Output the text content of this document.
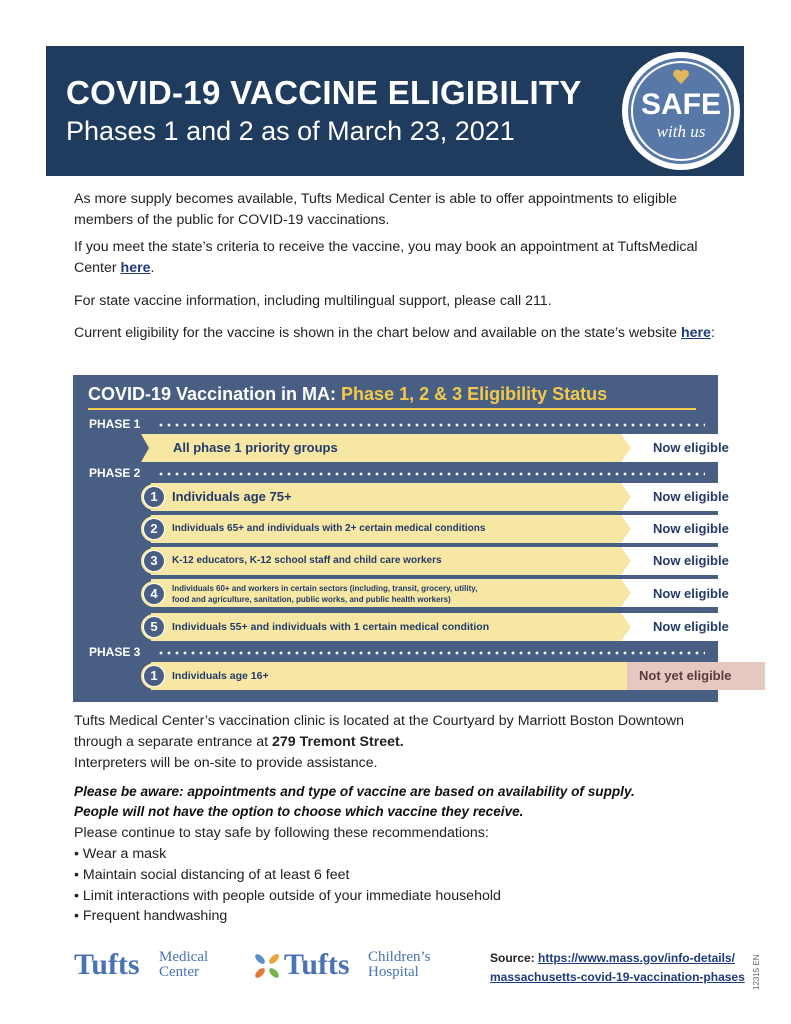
COVID-19 VACCINE ELIGIBILITY
Phases 1 and 2 as of March 23, 2021
SAFE
with us

As more supply becomes available, Tufts Medical Center is able to offer appointments to eligible members of the public for COVID-19 vaccinations.

If you meet the state’s criteria to receive the vaccine, you may book an appointment at TuftsMedical Center here.

For state vaccine information, including multilingual support, please call 211.

Current eligibility for the vaccine is shown in the chart below and available on the state’s website here:

COVID-19 Vaccination in MA: Phase 1, 2 & 3 Eligibility Status
PHASE 1
All phase 1 priority groups	Now eligible
PHASE 2
1	Individuals age 75+	Now eligible
2	Individuals 65+ and individuals with 2+ certain medical conditions	Now eligible
3	K-12 educators, K-12 school staff and child care workers	Now eligible
4	Individuals 60+ and workers in certain sectors (including, transit, grocery, utility,
food and agriculture, sanitation, public works, and public health workers)	Now eligible
5	Individuals 55+ and individuals with 1 certain medical condition	Now eligible
PHASE 3
1	Individuals age 16+	Not yet eligible

Tufts Medical Center’s vaccination clinic is located at the Courtyard by Marriott Boston Downtown through a separate entrance at 279 Tremont Street.

Interpreters will be on-site to provide assistance.

Please be aware: appointments and type of vaccine are based on availability of supply.
People will not have the option to choose which vaccine they receive.

Please continue to stay safe by following these recommendations:

• Wear a mask
• Maintain social distancing of at least 6 feet
• Limit interactions with people outside of your immediate household
• Frequent handwashing
Tufts Medical
Center	Tufts Children’s
Hospital
Source: https://www.mass.gov/info-details/
massachusetts-covid-19-vaccination-phases 12315 EN
